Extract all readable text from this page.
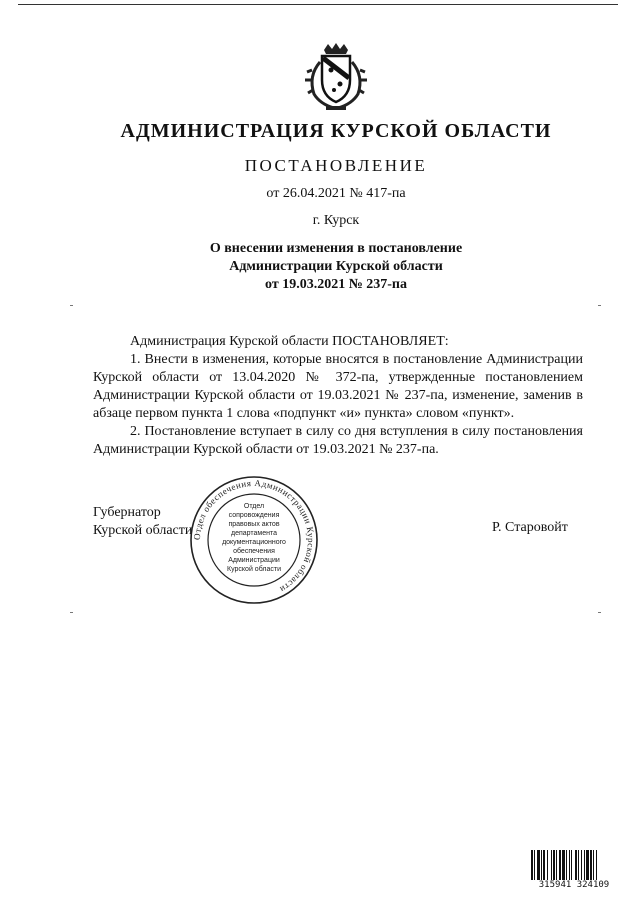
АДМИНИСТРАЦИЯ КУРСКОЙ ОБЛАСТИ
ПОСТАНОВЛЕНИЕ
от 26.04.2021 № 417-па
г. Курск
О внесении изменения в постановление
Администрации Курской области
от 19.03.2021 № 237-па

Администрация Курской области ПОСТАНОВЛЯЕТ:

1. Внести в изменения, которые вносятся в постановление Администрации Курской области от 13.04.2020 № 372-па, утвержденные постановлением Администрации Курской области от 19.03.2021 № 237-па, изменение, заменив в абзаце первом пункта 1 слова «подпункт «и» пункта» словом «пункт».

2. Постановление вступает в силу со дня вступления в силу постановления Администрации Курской области от 19.03.2021 № 237-па.

Губернатор
Курской области	Р. Старовойт
Отдел обеспечения Администрации Курской области
Отдел
сопровождения
правовых актов
департамента
документационного
обеспечения
Администрации
Курской области
315941 324109
